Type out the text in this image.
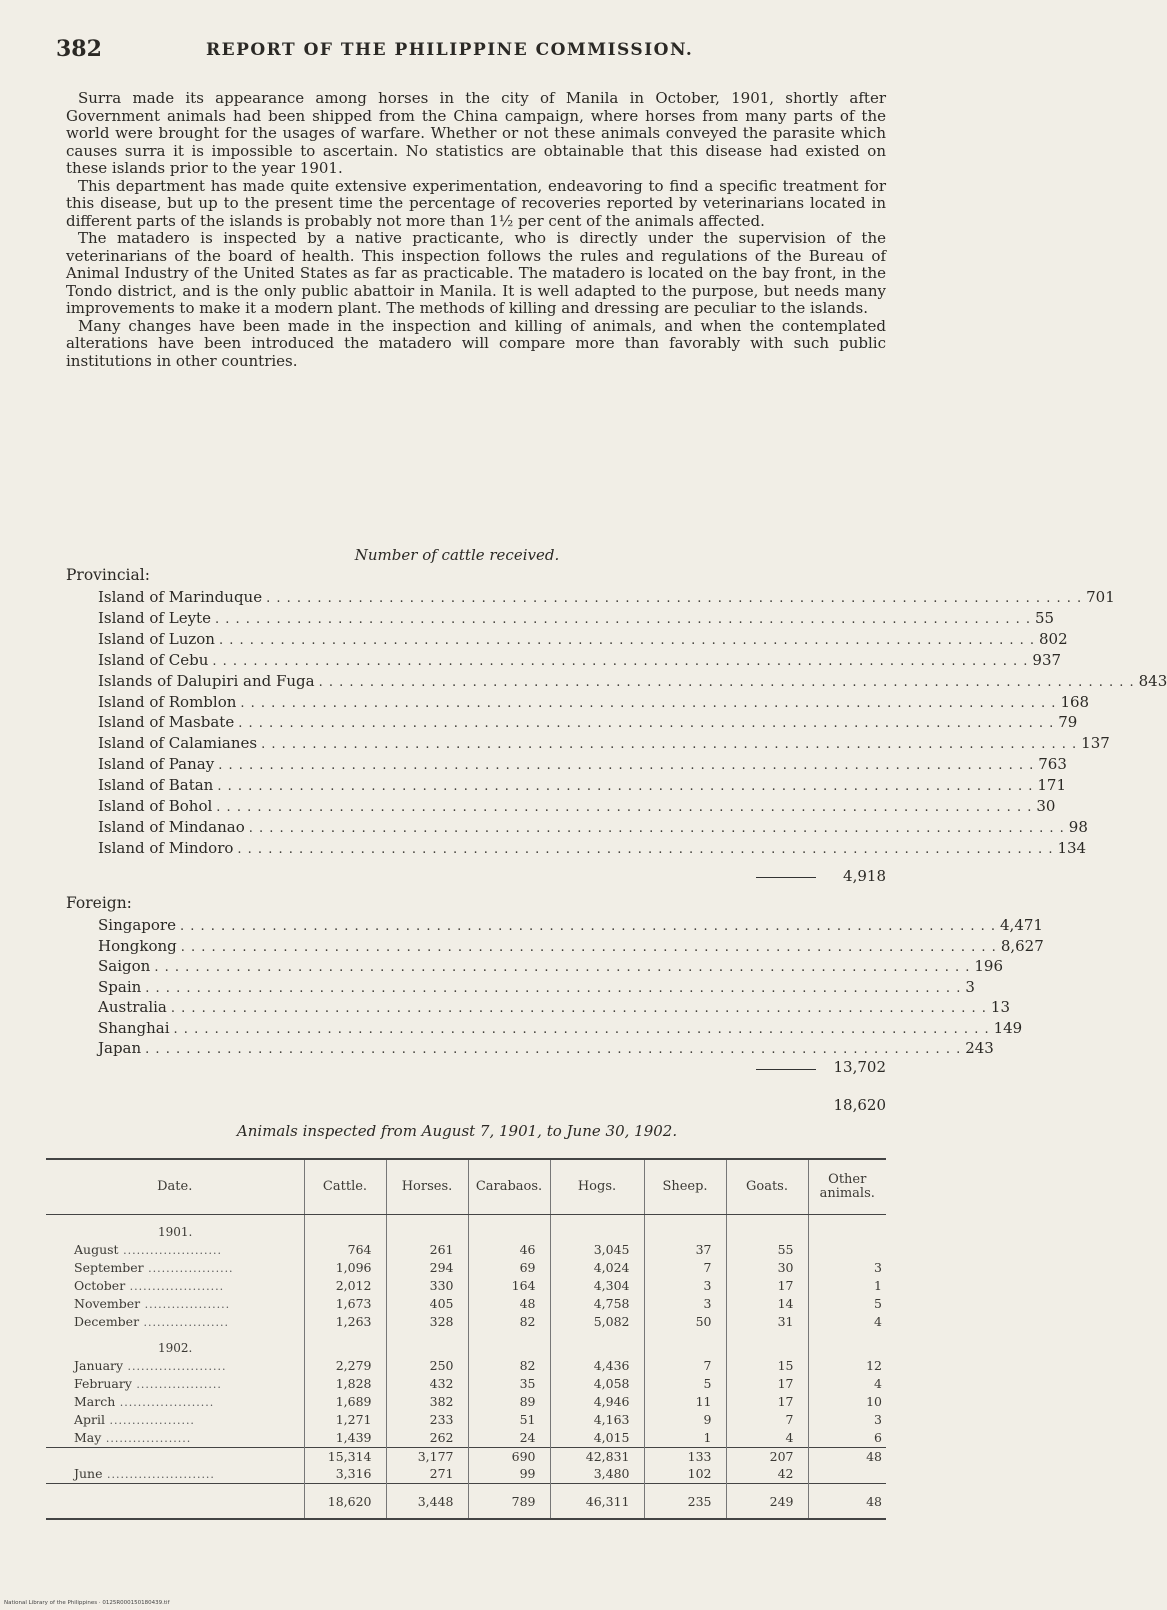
382	REPORT OF THE PHILIPPINE COMMISSION.

Surra made its appearance among horses in the city of Manila in October, 1901, shortly after Government animals had been shipped from the China campaign, where horses from many parts of the world were brought for the usages of warfare. Whether or not these animals conveyed the parasite which causes surra it is impossible to ascertain. No statistics are obtainable that this disease had existed on these islands prior to the year 1901.

This department has made quite extensive experimentation, endeavoring to find a specific treatment for this disease, but up to the present time the percentage of recoveries reported by veterinarians located in different parts of the islands is probably not more than 1½ per cent of the animals affected.

The matadero is inspected by a native practicante, who is directly under the supervision of the veterinarians of the board of health. This inspection follows the rules and regulations of the Bureau of Animal Industry of the United States as far as practicable. The matadero is located on the bay front, in the Tondo district, and is the only public abattoir in Manila. It is well adapted to the purpose, but needs many improvements to make it a modern plant. The methods of killing and dressing are peculiar to the islands.

Many changes have been made in the inspection and killing of animals, and when the contemplated alterations have been introduced the matadero will compare more than favorably with such public institutions in other countries.

Number of cattle received.
Provincial:
Island of Marinduque . . . . . . . . . . . . . . . . . . . . . . . . . . . . . . . . . . . . . . . . . . . . . . . . . . . . . . . . . . . . . . . . . . . . . . . . . . . . . . . . 701
Island of Leyte . . . . . . . . . . . . . . . . . . . . . . . . . . . . . . . . . . . . . . . . . . . . . . . . . . . . . . . . . . . . . . . . . . . . . . . . . . . . . . . . 55
Island of Luzon . . . . . . . . . . . . . . . . . . . . . . . . . . . . . . . . . . . . . . . . . . . . . . . . . . . . . . . . . . . . . . . . . . . . . . . . . . . . . . . . 802
Island of Cebu . . . . . . . . . . . . . . . . . . . . . . . . . . . . . . . . . . . . . . . . . . . . . . . . . . . . . . . . . . . . . . . . . . . . . . . . . . . . . . . . 937
Islands of Dalupiri and Fuga . . . . . . . . . . . . . . . . . . . . . . . . . . . . . . . . . . . . . . . . . . . . . . . . . . . . . . . . . . . . . . . . . . . . . . . . . . . . . . . . 843
Island of Romblon . . . . . . . . . . . . . . . . . . . . . . . . . . . . . . . . . . . . . . . . . . . . . . . . . . . . . . . . . . . . . . . . . . . . . . . . . . . . . . . . 168
Island of Masbate . . . . . . . . . . . . . . . . . . . . . . . . . . . . . . . . . . . . . . . . . . . . . . . . . . . . . . . . . . . . . . . . . . . . . . . . . . . . . . . . 79
Island of Calamianes . . . . . . . . . . . . . . . . . . . . . . . . . . . . . . . . . . . . . . . . . . . . . . . . . . . . . . . . . . . . . . . . . . . . . . . . . . . . . . . . 137
Island of Panay . . . . . . . . . . . . . . . . . . . . . . . . . . . . . . . . . . . . . . . . . . . . . . . . . . . . . . . . . . . . . . . . . . . . . . . . . . . . . . . . 763
Island of Batan . . . . . . . . . . . . . . . . . . . . . . . . . . . . . . . . . . . . . . . . . . . . . . . . . . . . . . . . . . . . . . . . . . . . . . . . . . . . . . . . 171
Island of Bohol . . . . . . . . . . . . . . . . . . . . . . . . . . . . . . . . . . . . . . . . . . . . . . . . . . . . . . . . . . . . . . . . . . . . . . . . . . . . . . . . 30
Island of Mindanao . . . . . . . . . . . . . . . . . . . . . . . . . . . . . . . . . . . . . . . . . . . . . . . . . . . . . . . . . . . . . . . . . . . . . . . . . . . . . . . . 98
Island of Mindoro . . . . . . . . . . . . . . . . . . . . . . . . . . . . . . . . . . . . . . . . . . . . . . . . . . . . . . . . . . . . . . . . . . . . . . . . . . . . . . . . 134
4,918
Foreign:
Singapore . . . . . . . . . . . . . . . . . . . . . . . . . . . . . . . . . . . . . . . . . . . . . . . . . . . . . . . . . . . . . . . . . . . . . . . . . . . . . . . . 4,471
Hongkong . . . . . . . . . . . . . . . . . . . . . . . . . . . . . . . . . . . . . . . . . . . . . . . . . . . . . . . . . . . . . . . . . . . . . . . . . . . . . . . . 8,627
Saigon . . . . . . . . . . . . . . . . . . . . . . . . . . . . . . . . . . . . . . . . . . . . . . . . . . . . . . . . . . . . . . . . . . . . . . . . . . . . . . . . 196
Spain . . . . . . . . . . . . . . . . . . . . . . . . . . . . . . . . . . . . . . . . . . . . . . . . . . . . . . . . . . . . . . . . . . . . . . . . . . . . . . . . 3
Australia . . . . . . . . . . . . . . . . . . . . . . . . . . . . . . . . . . . . . . . . . . . . . . . . . . . . . . . . . . . . . . . . . . . . . . . . . . . . . . . . 13
Shanghai . . . . . . . . . . . . . . . . . . . . . . . . . . . . . . . . . . . . . . . . . . . . . . . . . . . . . . . . . . . . . . . . . . . . . . . . . . . . . . . . 149
Japan . . . . . . . . . . . . . . . . . . . . . . . . . . . . . . . . . . . . . . . . . . . . . . . . . . . . . . . . . . . . . . . . . . . . . . . . . . . . . . . . 243
13,702
18,620
Animals inspected from August 7, 1901, to June 30, 1902.
Date.	Cattle.	Horses.	Carabaos.	Hogs.	Sheep.	Goats.	Other animals.

1901.							

August ......................	764	261	46	3,045	37	55	
September ...................	1,096	294	69	4,024	7	30	3
October .....................	2,012	330	164	4,304	3	17	1
November ...................	1,673	405	48	4,758	3	14	5
December ...................	1,263	328	82	5,082	50	31	4

1902.							

January ......................	2,279	250	82	4,436	7	15	12
February ...................	1,828	432	35	4,058	5	17	4
March .....................	1,689	382	89	4,946	11	17	10
April ...................	1,271	233	51	4,163	9	7	3
May ...................	1,439	262	24	4,015	1	4	6
	15,314	3,177	690	42,831	133	207	48
June ........................	3,316	271	99	3,480	102	42	
	18,620	3,448	789	46,311	235	249	48
National Library of the Philippines · 0125R000150180439.tif
